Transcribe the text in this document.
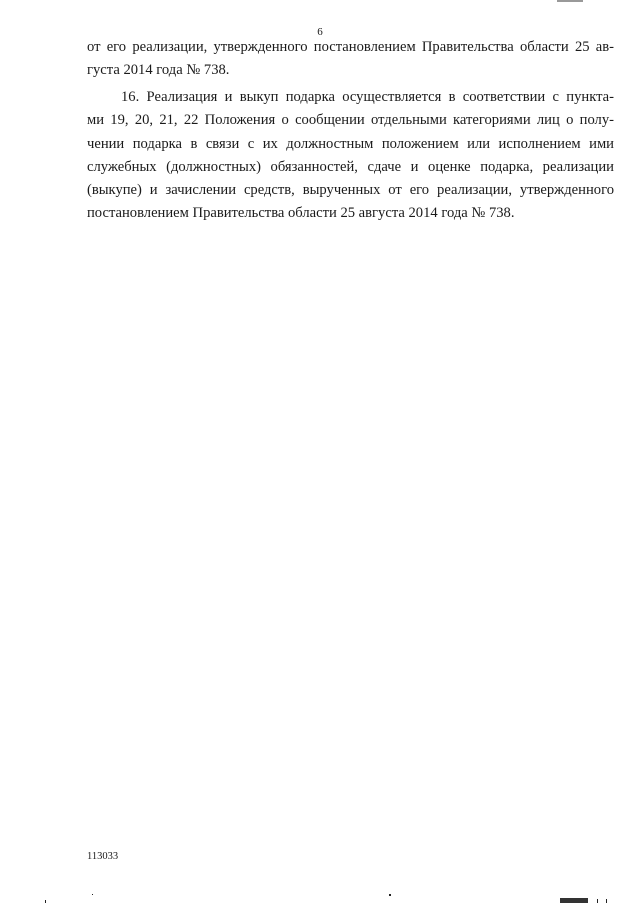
6
от его реализации, утвержденного постановлением Правительства области 25 ав-
густа 2014 года № 738.
16. Реализация и выкуп подарка осуществляется в соответствии с пункта-
ми 19, 20, 21, 22 Положения о сообщении отдельными категориями лиц о полу-
чении подарка в связи с их должностным положением или исполнением ими
служебных (должностных) обязанностей, сдаче и оценке подарка, реализации
(выкупе) и зачислении средств, вырученных от его реализации, утвержденного
постановлением Правительства области 25 августа 2014 года № 738.
113033
